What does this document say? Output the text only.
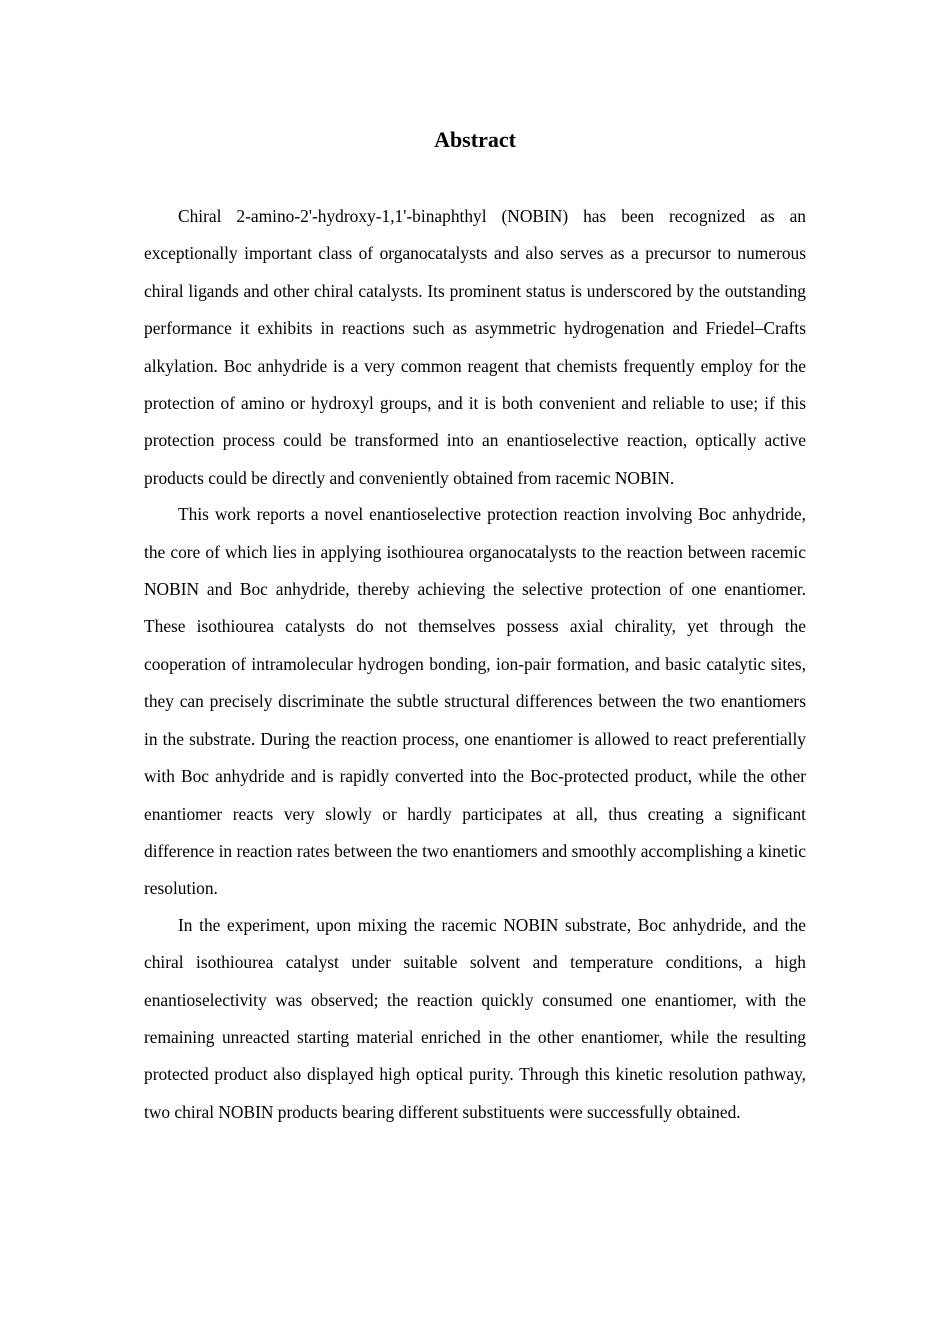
Abstract

Chiral 2-amino-2'-hydroxy-1,1'-binaphthyl (NOBIN) has been recognized as an exceptionally important class of organocatalysts and also serves as a precursor to numerous chiral ligands and other chiral catalysts. Its prominent status is underscored by the outstanding performance it exhibits in reactions such as asymmetric hydrogenation and Friedel–Crafts alkylation. Boc anhydride is a very common reagent that chemists frequently employ for the protection of amino or hydroxyl groups, and it is both convenient and reliable to use; if this protection process could be transformed into an enantioselective reaction, optically active products could be directly and conveniently obtained from racemic NOBIN.

This work reports a novel enantioselective protection reaction involving Boc anhydride, the core of which lies in applying isothiourea organocatalysts to the reaction between racemic NOBIN and Boc anhydride, thereby achieving the selective protection of one enantiomer. These isothiourea catalysts do not themselves possess axial chirality, yet through the cooperation of intramolecular hydrogen bonding, ion-pair formation, and basic catalytic sites, they can precisely discriminate the subtle structural differences between the two enantiomers in the substrate. During the reaction process, one enantiomer is allowed to react preferentially with Boc anhydride and is rapidly converted into the Boc-protected product, while the other enantiomer reacts very slowly or hardly participates at all, thus creating a significant difference in reaction rates between the two enantiomers and smoothly accomplishing a kinetic resolution.

In the experiment, upon mixing the racemic NOBIN substrate, Boc anhydride, and the chiral isothiourea catalyst under suitable solvent and temperature conditions, a high enantioselectivity was observed; the reaction quickly consumed one enantiomer, with the remaining unreacted starting material enriched in the other enantiomer, while the resulting protected product also displayed high optical purity. Through this kinetic resolution pathway, two chiral NOBIN products bearing different substituents were successfully obtained.
